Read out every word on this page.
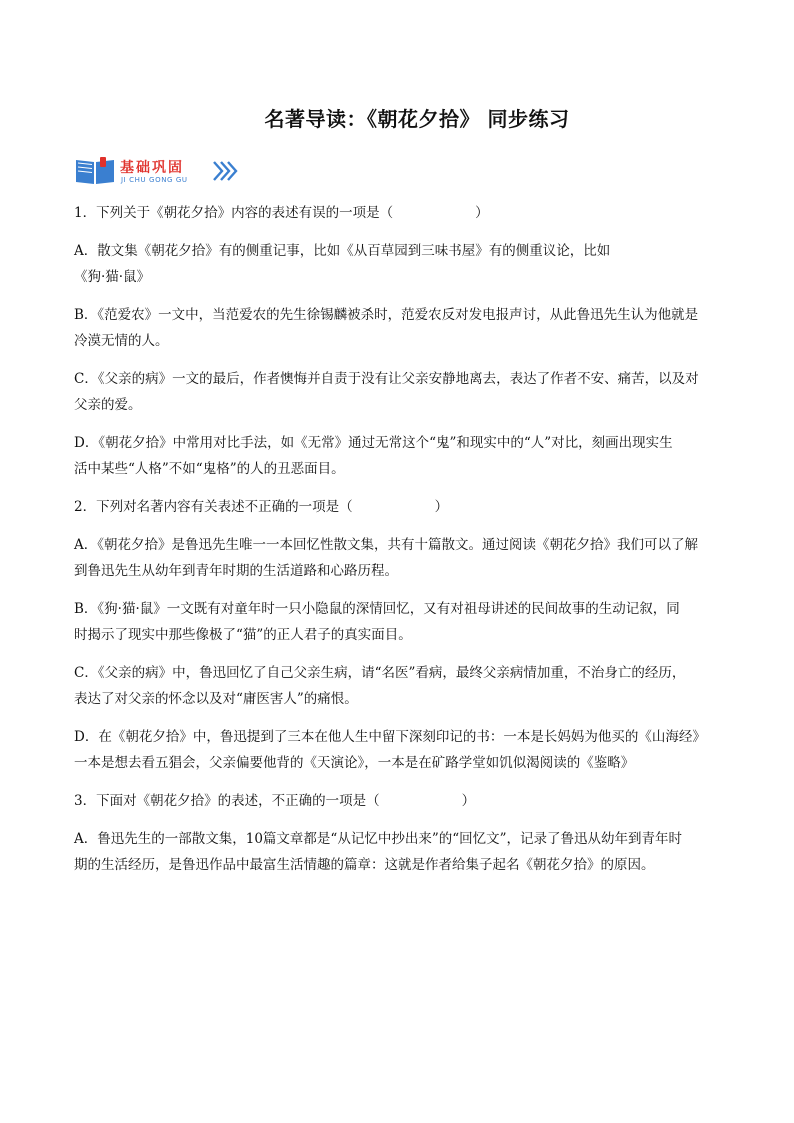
名著导读：《朝花夕拾》 同步练习
基础巩固
JI CHU GONG GU

1．下列关于《朝花夕拾》内容的表述有误的一项是（	）

A．散文集《朝花夕拾》有的侧重记事，比如《从百草园到三味书屋》有的侧重议论，比如
《狗·猫·鼠》

B．《范爱农》一文中，当范爱农的先生徐锡麟被杀时，范爱农反对发电报声讨，从此鲁迅先生认为他就是
冷漠无情的人。

C．《父亲的病》一文的最后，作者懊悔并自责于没有让父亲安静地离去，表达了作者不安、痛苦，以及对
父亲的爱。

D．《朝花夕拾》中常用对比手法，如《无常》通过无常这个“鬼”和现实中的“人”对比，刻画出现实生
活中某些“人格”不如“鬼格”的人的丑恶面目。

2．下列对名著内容有关表述不正确的一项是（	）

A．《朝花夕拾》是鲁迅先生唯一一本回忆性散文集，共有十篇散文。通过阅读《朝花夕拾》我们可以了解
到鲁迅先生从幼年到青年时期的生活道路和心路历程。

B．《狗·猫·鼠》一文既有对童年时一只小隐鼠的深情回忆，又有对祖母讲述的民间故事的生动记叙，同
时揭示了现实中那些像极了“猫”的正人君子的真实面目。

C．《父亲的病》中，鲁迅回忆了自己父亲生病，请“名医”看病，最终父亲病情加重，不治身亡的经历，
表达了对父亲的怀念以及对“庸医害人”的痛恨。

D．在《朝花夕拾》中，鲁迅提到了三本在他人生中留下深刻印记的书：一本是长妈妈为他买的《山海经》
一本是想去看五猖会，父亲偏要他背的《天演论》，一本是在矿路学堂如饥似渴阅读的《鉴略》

3．下面对《朝花夕拾》的表述，不正确的一项是（	）

A．鲁迅先生的一部散文集，10篇文章都是“从记忆中抄出来”的“回忆文”，记录了鲁迅从幼年到青年时
期的生活经历，是鲁迅作品中最富生活情趣的篇章：这就是作者给集子起名《朝花夕拾》的原因。
